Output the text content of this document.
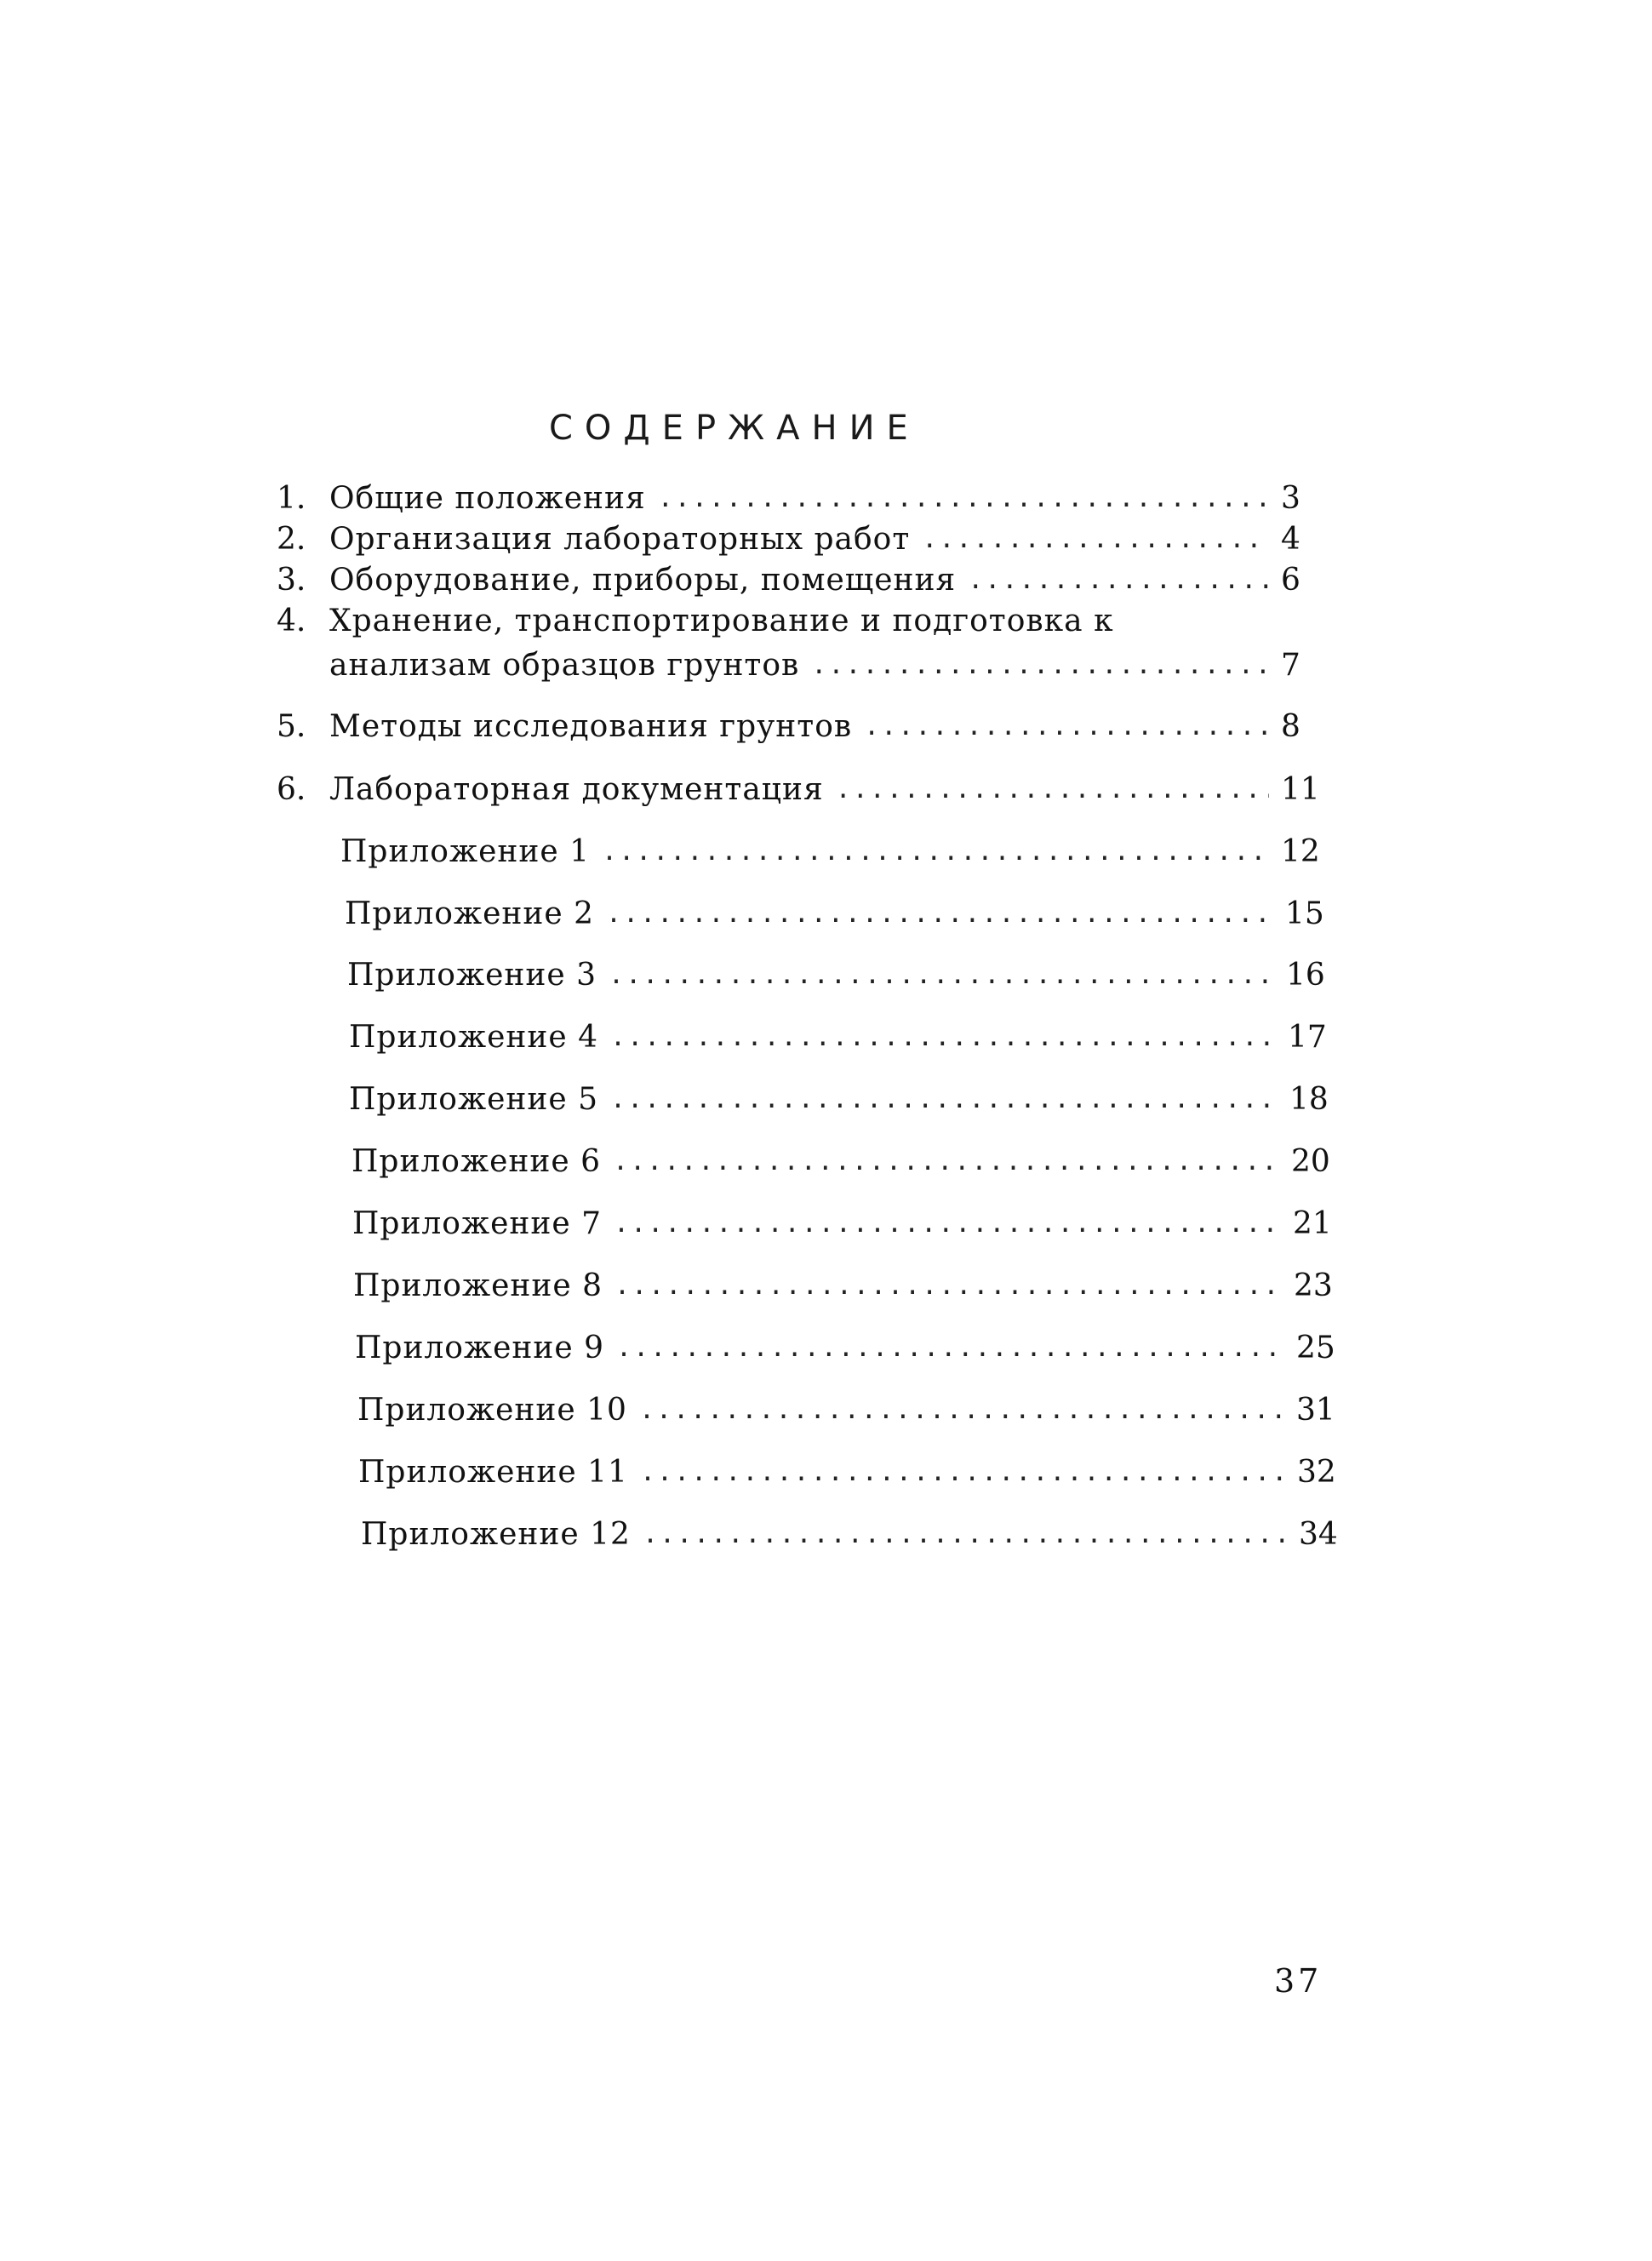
СОДЕРЖАНИЕ
1. Общие положения .....	3
2. Организация лабораторных работ .....	4
3. Оборудование, приборы, помещения .....	6
4. Хранение, транспортирование и подготовка к
анализам образцов грунтов .....	7
5. Методы исследования грунтов .....	8
6. Лабораторная документация .....	11
Приложение 1 .....	12
Приложение 2 .....	15
Приложение 3 .....	16
Приложение 4 .....	17
Приложение 5 .....	18
Приложение 6 .....	20
Приложение 7 .....	21
Приложение 8 .....	23
Приложение 9 .....	25
Приложение 10 .....	31
Приложение 11 .....	32
Приложение 12 .....	34
37
